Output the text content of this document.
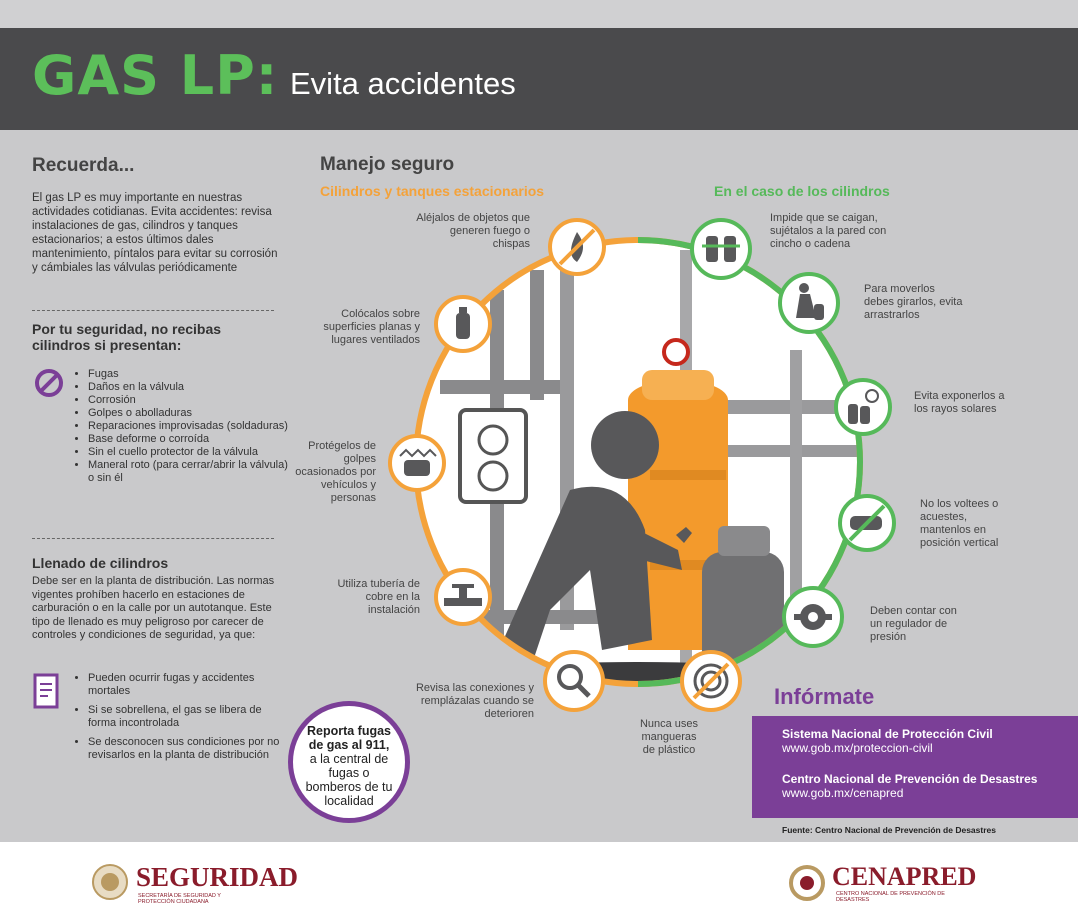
GAS LP: Evita accidentes
Recuerda...
El gas LP es muy importante en nuestras actividades cotidianas. Evita accidentes: revisa instalaciones de gas, cilindros y tanques estacionarios; a estos últimos dales mantenimiento, píntalos para evitar su corrosión y cámbiales las válvulas periódicamente
Por tu seguridad, no recibas cilindros si presentan:
• Fugas
• Daños en la válvula
• Corrosión
• Golpes o abolladuras
• Reparaciones improvisadas (soldaduras)
• Base deforme o corroída
• Sin el cuello protector de la válvula
• Maneral roto (para cerrar/abrir la válvula) o sin él
Llenado de cilindros
Debe ser en la planta de distribución. Las normas vigentes prohíben hacerlo en estaciones de carburación o en la calle por un autotanque. Este tipo de llenado es muy peligroso por carecer de controles y condiciones de seguridad, ya que:
• Pueden ocurrir fugas y accidentes mortales
• Si se sobrellena, el gas se libera de forma incontrolada
• Se desconocen sus condiciones por no revisarlos en la planta de distribución
Manejo seguro
Cilindros y tanques estacionarios	En el caso de los cilindros
Aléjalos de objetos que generen fuego o chispas
Colócalos sobre superficies planas y lugares ventilados
Protégelos de golpes ocasionados por vehículos y personas
Utiliza tubería de cobre en la instalación
Revisa las conexiones y remplázalas cuando se deterioren
Nunca uses mangueras de plástico
Impide que se caigan, sujétalos a la pared con cincho o cadena
Para moverlos debes girarlos, evita arrastrarlos
Evita exponerlos a los rayos solares
No los voltees o acuestes, mantenlos en posición vertical
Deben contar con un regulador de presión
Reporta fugas de gas al 911,
a la central de fugas o bomberos de tu localidad
Infórmate
Sistema Nacional de Protección Civil
www.gob.mx/proteccion-civil
Centro Nacional de Prevención de Desastres
www.gob.mx/cenapred
Fuente: Centro Nacional de Prevención de Desastres
SEGURIDAD
SECRETARÍA DE SEGURIDAD Y PROTECCIÓN CIUDADANA
CENAPRED
CENTRO NACIONAL DE PREVENCIÓN DE DESASTRES
